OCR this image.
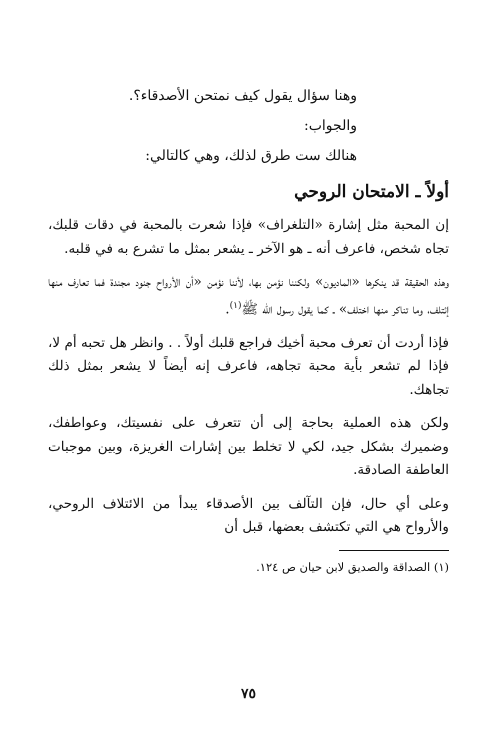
وهنا سؤال يقول كيف نمتحن الأصدقاء؟.

والجواب:

هنالك ست طرق لذلك، وهي كالتالي:

أولاً ـ الامتحان الروحي

إن المحبة مثل إشارة «التلغراف» فإذا شعرت بالمحبة في دقات قلبك، تجاه شخص، فاعرف أنه ـ هو الآخر ـ يشعر بمثل ما تشرع به في قلبه.

وهذه الحقيقة قد ينكرها «الماديون» ولكننا نؤمن بها، لأننا نؤمن «أن الأرواح جنود مجندة فما تعارف منها إئتلف، وما تناكر منها اختلف» ـ كما يقول رسول الله ﷺ$^{(١)}$.

فإذا أردت أن تعرف محبة أخيك فراجع قلبك أولاً . . وانظر هل تحبه أم لا، فإذا لم تشعر بأية محبة تجاهه، فاعرف إنه أيضاً لا يشعر بمثل ذلك تجاهك.

ولكن هذه العملية بحاجة إلى أن تتعرف على نفسيتك، وعواطفك، وضميرك بشكل جيد، لكي لا تخلط بين إشارات الغريزة، وبين موجبات العاطفة الصادقة.

وعلى أي حال، فإن التآلف بين الأصدقاء يبدأ من الائتلاف الروحي، والأرواح هي التي تكتشف بعضها، قبل أن

(١) الصداقة والصديق لابن حيان ص ١٢٤.

٧٥
